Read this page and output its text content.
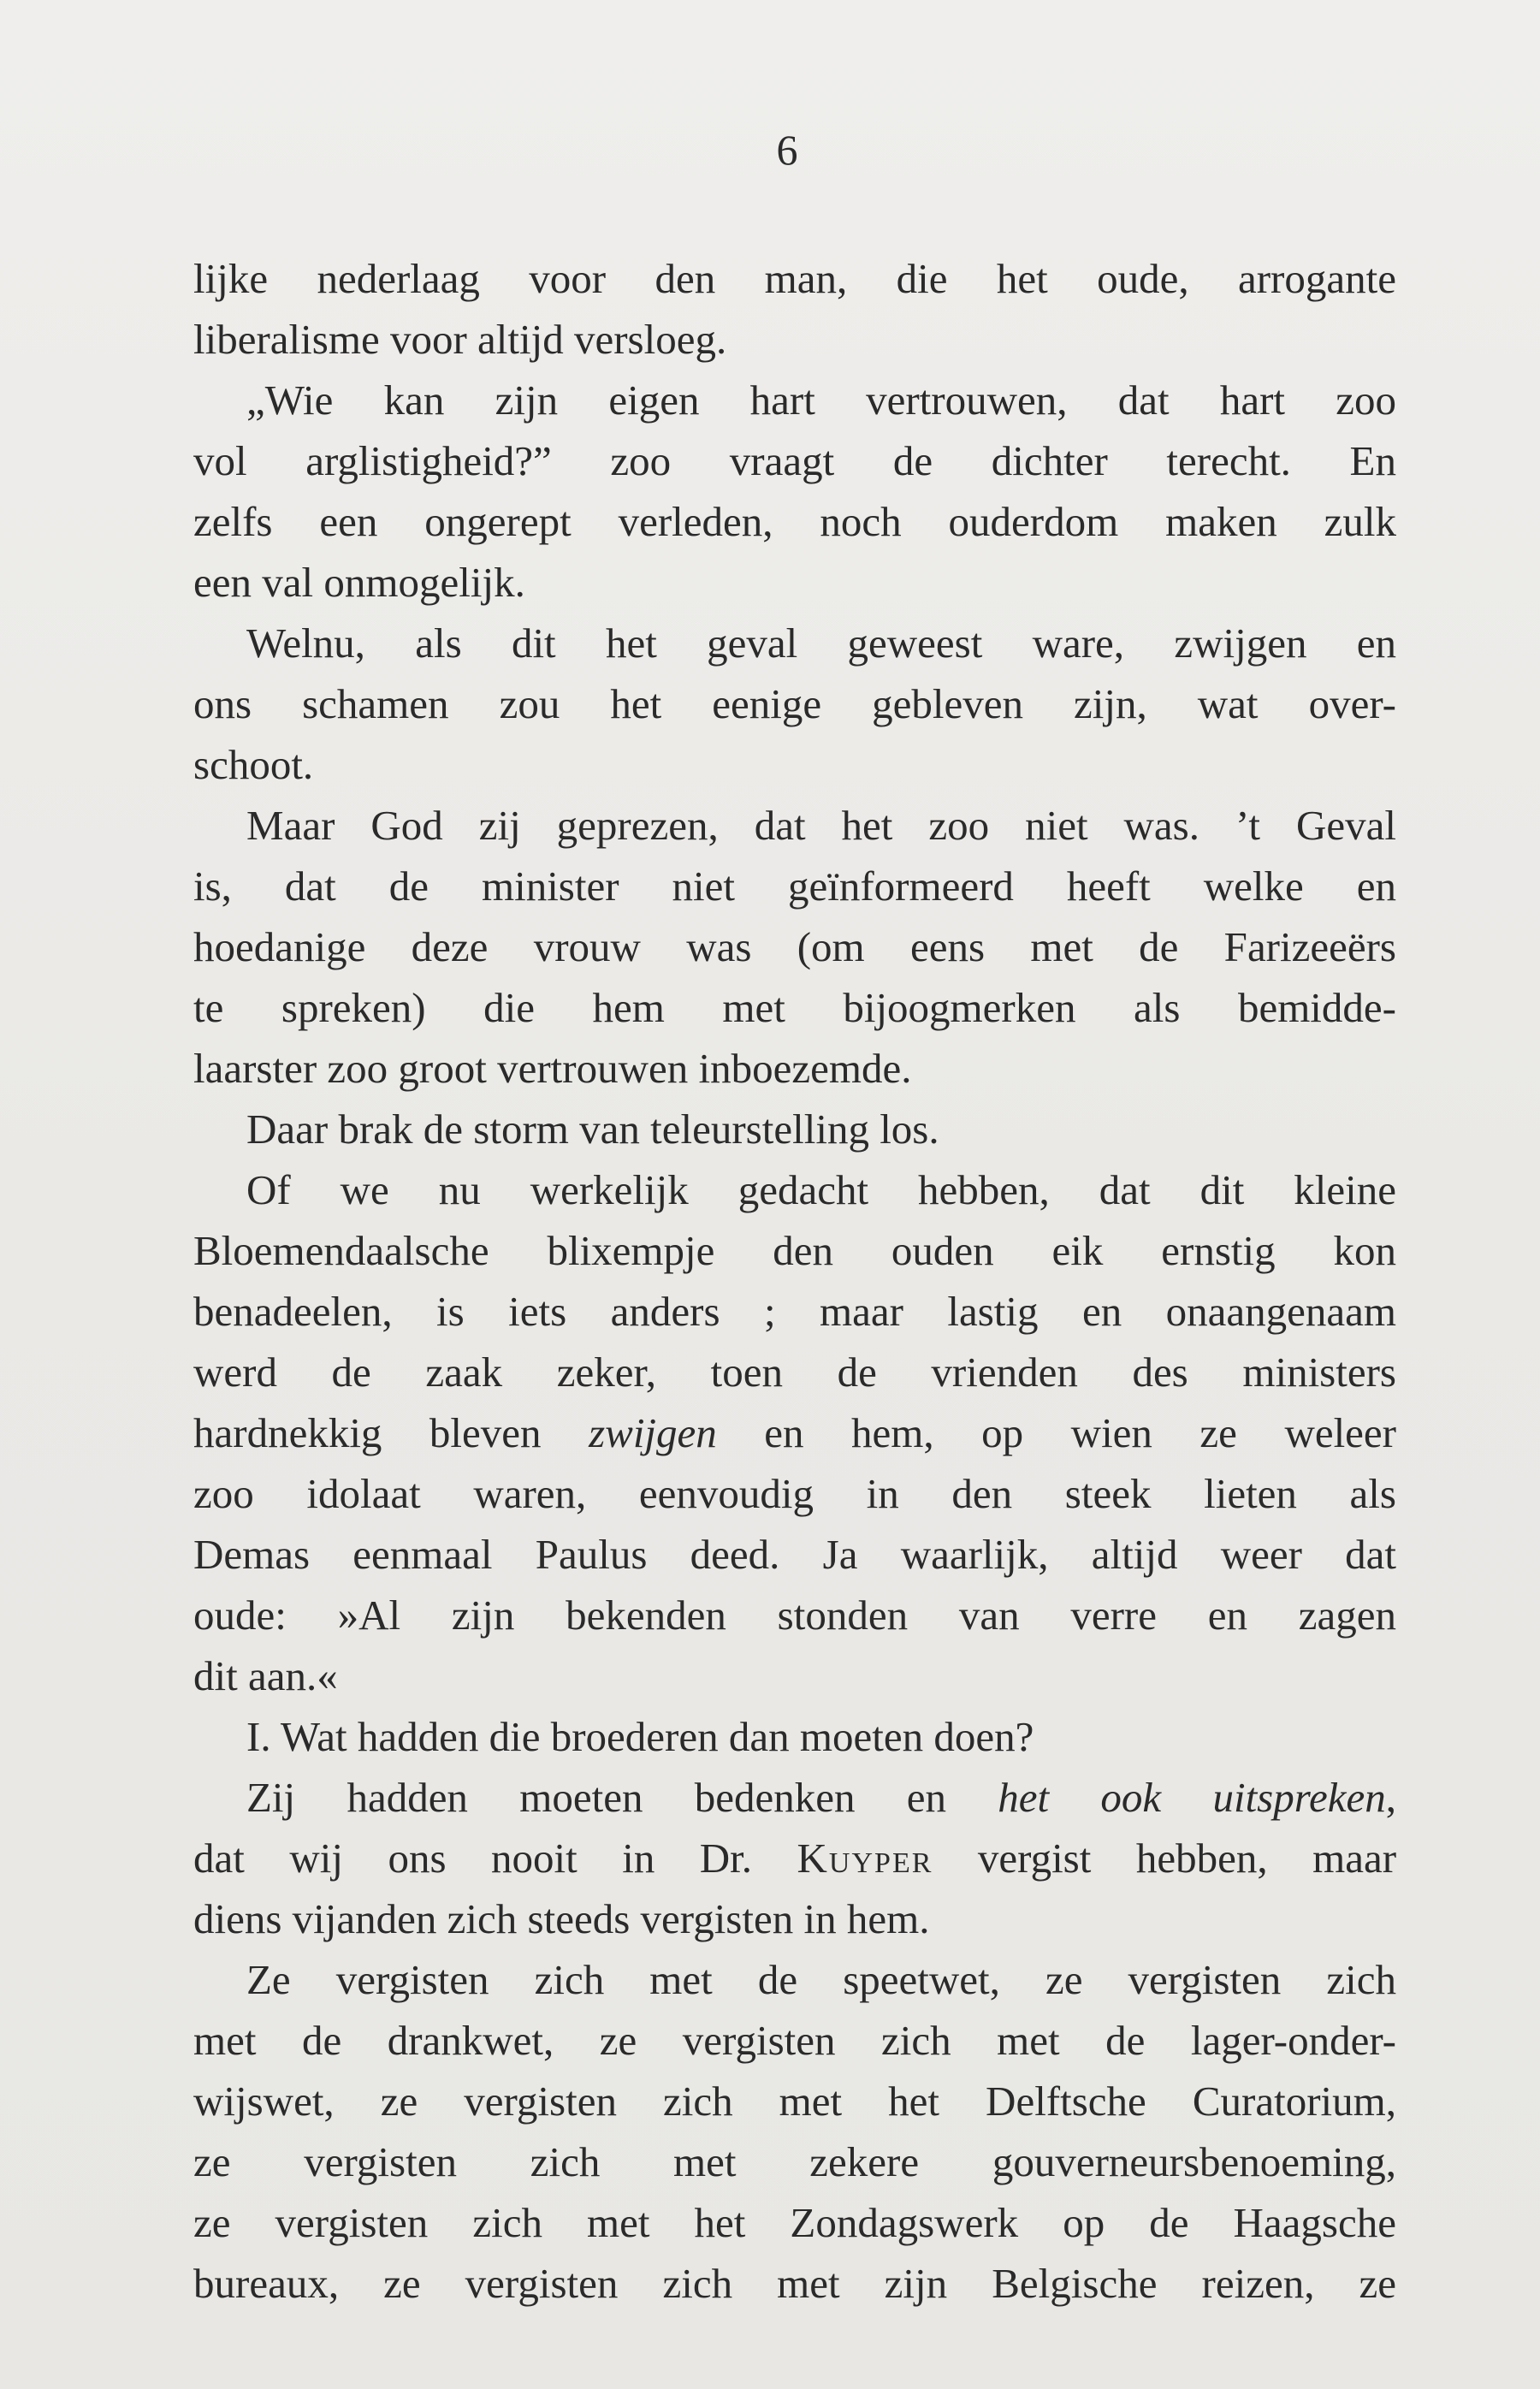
6
lijke nederlaag voor den man, die het oude, arrogante
liberalisme voor altijd versloeg.
„Wie kan zijn eigen hart vertrouwen, dat hart zoo
vol arglistigheid?” zoo vraagt de dichter terecht. En
zelfs een ongerept verleden, noch ouderdom maken zulk
een val onmogelijk.
Welnu, als dit het geval geweest ware, zwijgen en
ons schamen zou het eenige gebleven zijn, wat over-
schoot.
Maar God zij geprezen, dat het zoo niet was. ’t Geval
is, dat de minister niet geïnformeerd heeft welke en
hoedanige deze vrouw was (om eens met de Farizeeërs
te spreken) die hem met bijoogmerken als bemidde-
laarster zoo groot vertrouwen inboezemde.
Daar brak de storm van teleurstelling los.
Of we nu werkelijk gedacht hebben, dat dit kleine
Bloemendaalsche blixempje den ouden eik ernstig kon
benadeelen, is iets anders ; maar lastig en onaangenaam
werd de zaak zeker, toen de vrienden des ministers
hardnekkig bleven zwijgen en hem, op wien ze weleer
zoo idolaat waren, eenvoudig in den steek lieten als
Demas eenmaal Paulus deed. Ja waarlijk, altijd weer dat
oude: »Al zijn bekenden stonden van verre en zagen
dit aan.«
I. Wat hadden die broederen dan moeten doen?
Zij hadden moeten bedenken en het ook uitspreken,
dat wij ons nooit in Dr. Kuyper vergist hebben, maar
diens vijanden zich steeds vergisten in hem.
Ze vergisten zich met de speetwet, ze vergisten zich
met de drankwet, ze vergisten zich met de lager-onder-
wijswet, ze vergisten zich met het Delftsche Curatorium,
ze vergisten zich met zekere gouverneursbenoeming,
ze vergisten zich met het Zondagswerk op de Haagsche
bureaux, ze vergisten zich met zijn Belgische reizen, ze
